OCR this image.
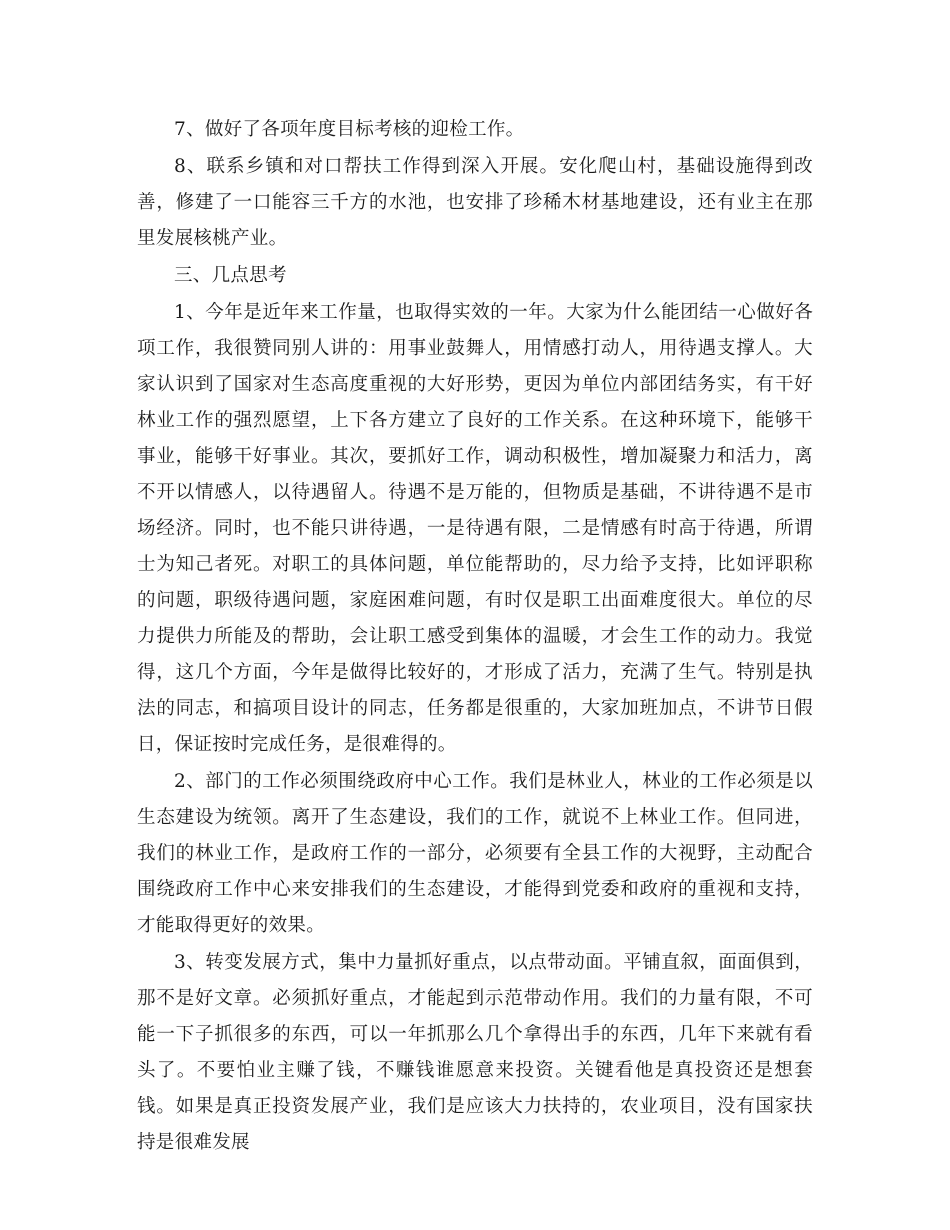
7、做好了各项年度目标考核的迎检工作。

8、联系乡镇和对口帮扶工作得到深入开展。安化爬山村，基础设施得到改善，修建了一口能容三千方的水池，也安排了珍稀木材基地建设，还有业主在那里发展核桃产业。

三、几点思考

1、今年是近年来工作量，也取得实效的一年。大家为什么能团结一心做好各项工作，我很赞同别人讲的：用事业鼓舞人，用情感打动人，用待遇支撑人。大家认识到了国家对生态高度重视的大好形势，更因为单位内部团结务实，有干好林业工作的强烈愿望，上下各方建立了良好的工作关系。在这种环境下，能够干事业，能够干好事业。其次，要抓好工作，调动积极性，增加凝聚力和活力，离不开以情感人，以待遇留人。待遇不是万能的，但物质是基础，不讲待遇不是市场经济。同时，也不能只讲待遇，一是待遇有限，二是情感有时高于待遇，所谓士为知己者死。对职工的具体问题，单位能帮助的，尽力给予支持，比如评职称的问题，职级待遇问题，家庭困难问题，有时仅是职工出面难度很大。单位的尽力提供力所能及的帮助，会让职工感受到集体的温暖，才会生工作的动力。我觉得，这几个方面，今年是做得比较好的，才形成了活力，充满了生气。特别是执法的同志，和搞项目设计的同志，任务都是很重的，大家加班加点，不讲节日假日，保证按时完成任务，是很难得的。

2、部门的工作必须围绕政府中心工作。我们是林业人，林业的工作必须是以生态建设为统领。离开了生态建设，我们的工作，就说不上林业工作。但同进，我们的林业工作，是政府工作的一部分，必须要有全县工作的大视野，主动配合围绕政府工作中心来安排我们的生态建设，才能得到党委和政府的重视和支持，才能取得更好的效果。

3、转变发展方式，集中力量抓好重点，以点带动面。平铺直叙，面面俱到，那不是好文章。必须抓好重点，才能起到示范带动作用。我们的力量有限，不可能一下子抓很多的东西，可以一年抓那么几个拿得出手的东西，几年下来就有看头了。不要怕业主赚了钱，不赚钱谁愿意来投资。关键看他是真投资还是想套钱。如果是真正投资发展产业，我们是应该大力扶持的，农业项目，没有国家扶持是很难发展
